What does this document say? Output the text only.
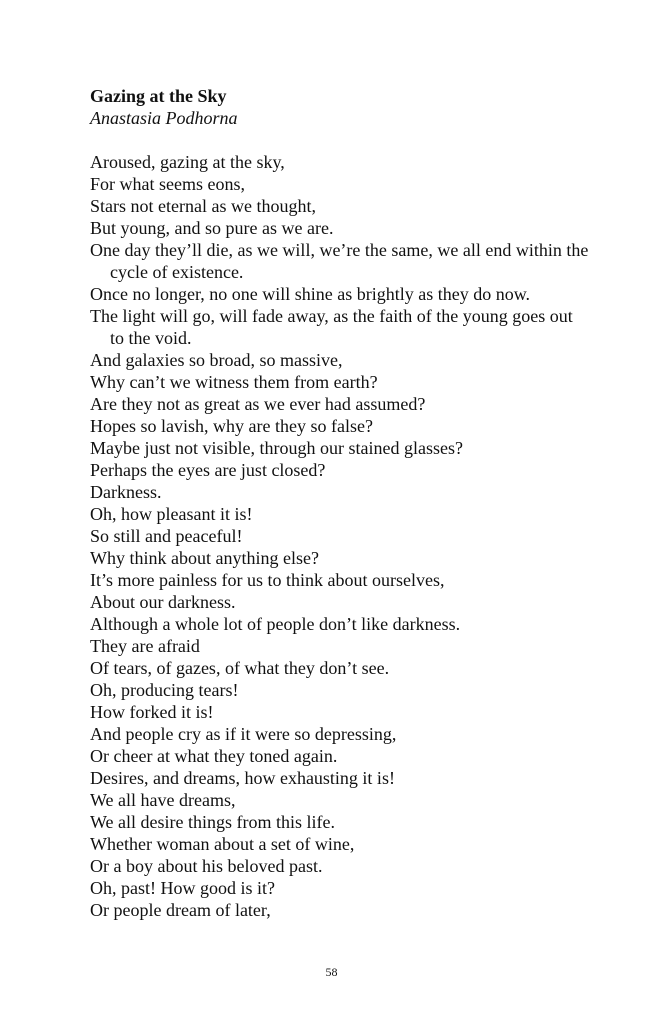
Gazing at the Sky
Anastasia Podhorna
Aroused, gazing at the sky,
For what seems eons,
Stars not eternal as we thought,
But young, and so pure as we are.
One day they’ll die, as we will, we’re the same, we all end within the cycle of existence.
Once no longer, no one will shine as brightly as they do now.
The light will go, will fade away, as the faith of the young goes out to the void.
And galaxies so broad, so massive,
Why can’t we witness them from earth?
Are they not as great as we ever had assumed?
Hopes so lavish, why are they so false?
Maybe just not visible, through our stained glasses?
Perhaps the eyes are just closed?
Darkness.
Oh, how pleasant it is!
So still and peaceful!
Why think about anything else?
It’s more painless for us to think about ourselves,
About our darkness.
Although a whole lot of people don’t like darkness.
They are afraid
Of tears, of gazes, of what they don’t see.
Oh, producing tears!
How forked it is!
And people cry as if it were so depressing,
Or cheer at what they toned again.
Desires, and dreams, how exhausting it is!
We all have dreams,
We all desire things from this life.
Whether woman about a set of wine,
Or a boy about his beloved past.
Oh, past! How good is it?
Or people dream of later,
58
